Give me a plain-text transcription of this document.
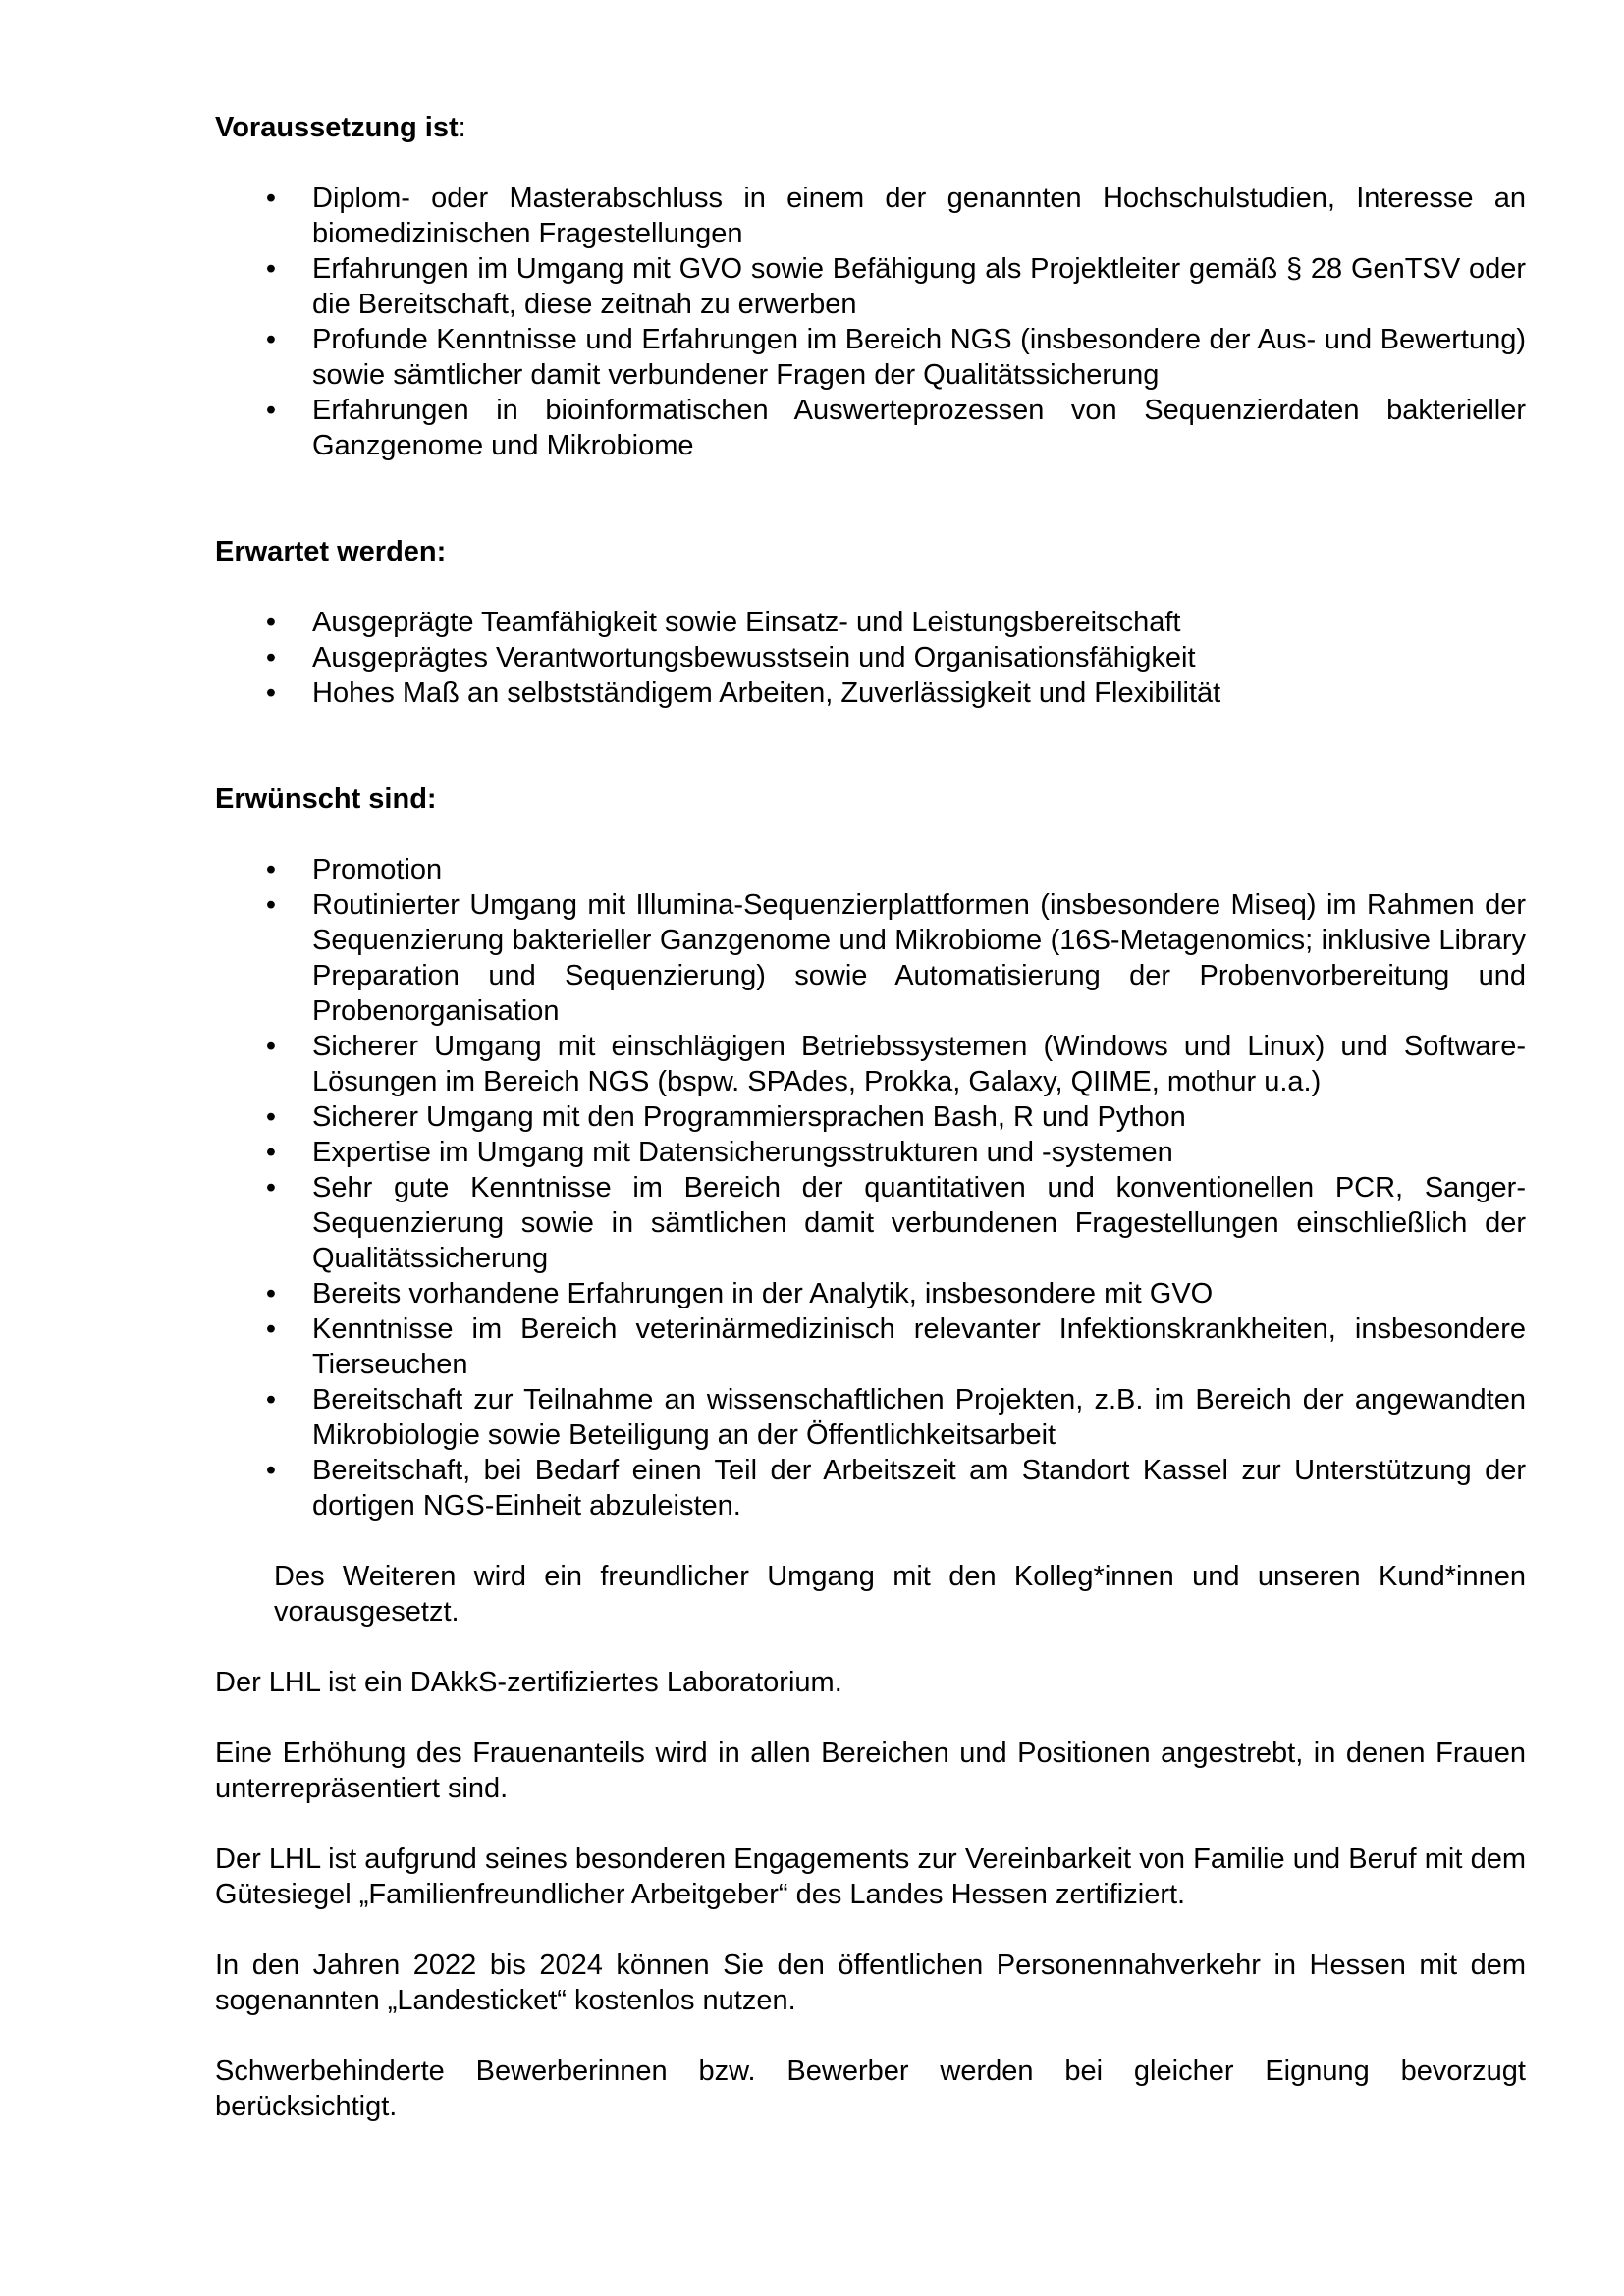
Voraussetzung ist:
• Diplom- oder Masterabschluss in einem der genannten Hochschulstudien, Interesse an biomedizinischen Fragestellungen
• Erfahrungen im Umgang mit GVO sowie Befähigung als Projektleiter gemäß § 28 GenTSV oder die Bereitschaft, diese zeitnah zu erwerben
• Profunde Kenntnisse und Erfahrungen im Bereich NGS (insbesondere der Aus- und Bewertung) sowie sämtlicher damit verbundener Fragen der Qualitätssicherung
• Erfahrungen in bioinformatischen Auswerteprozessen von Sequenzierdaten bakterieller Ganzgenome und Mikrobiome
Erwartet werden:
• Ausgeprägte Teamfähigkeit sowie Einsatz- und Leistungsbereitschaft
• Ausgeprägtes Verantwortungsbewusstsein und Organisationsfähigkeit
• Hohes Maß an selbstständigem Arbeiten, Zuverlässigkeit und Flexibilität
Erwünscht sind:
• Promotion
• Routinierter Umgang mit Illumina-Sequenzierplattformen (insbesondere Miseq) im Rahmen der Sequenzierung bakterieller Ganzgenome und Mikrobiome (16S-Metagenomics; inklusive Library Preparation und Sequenzierung) sowie Automatisierung der Probenvorbereitung und Probenorganisation
• Sicherer Umgang mit einschlägigen Betriebssystemen (Windows und Linux) und Software-Lösungen im Bereich NGS (bspw. SPAdes, Prokka, Galaxy, QIIME, mothur u.a.)
• Sicherer Umgang mit den Programmiersprachen Bash, R und Python
• Expertise im Umgang mit Datensicherungsstrukturen und -systemen
• Sehr gute Kenntnisse im Bereich der quantitativen und konventionellen PCR, Sanger-Sequenzierung sowie in sämtlichen damit verbundenen Fragestellungen einschließlich der Qualitätssicherung
• Bereits vorhandene Erfahrungen in der Analytik, insbesondere mit GVO
• Kenntnisse im Bereich veterinärmedizinisch relevanter Infektionskrankheiten, insbesondere Tierseuchen
• Bereitschaft zur Teilnahme an wissenschaftlichen Projekten, z.B. im Bereich der angewandten Mikrobiologie sowie Beteiligung an der Öffentlichkeitsarbeit
• Bereitschaft, bei Bedarf einen Teil der Arbeitszeit am Standort Kassel zur Unterstützung der dortigen NGS-Einheit abzuleisten.

Des Weiteren wird ein freundlicher Umgang mit den Kolleg*innen und unseren Kund*innen vorausgesetzt.

Der LHL ist ein DAkkS-zertifiziertes Laboratorium.

Eine Erhöhung des Frauenanteils wird in allen Bereichen und Positionen angestrebt, in denen Frauen unterrepräsentiert sind.

Der LHL ist aufgrund seines besonderen Engagements zur Vereinbarkeit von Familie und Beruf mit dem Gütesiegel „Familienfreundlicher Arbeitgeber“ des Landes Hessen zertifiziert.

In den Jahren 2022 bis 2024 können Sie den öffentlichen Personennahverkehr in Hessen mit dem sogenannten „Landesticket“ kostenlos nutzen.

Schwerbehinderte Bewerberinnen bzw. Bewerber werden bei gleicher Eignung bevorzugt berücksichtigt.
